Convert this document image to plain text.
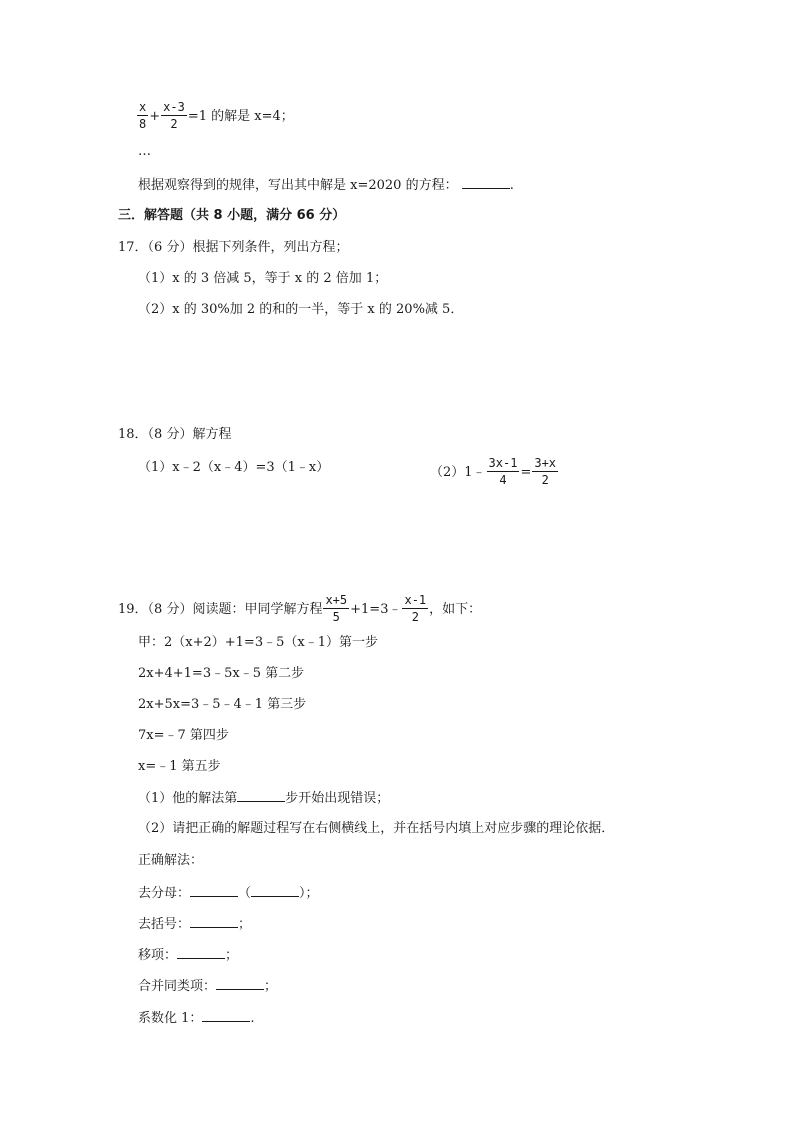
$\frac{x}{8} + \frac{x-3}{2} =1$ 的解是 x=4；
…
根据观察得到的规律，写出其中解是 x=2020 的方程：	.
三．解答题（共 8 小题，满分 66 分）
17．（6 分）根据下列条件，列出方程；
（1）x 的 3 倍减 5，等于 x 的 2 倍加 1；
（2）x 的 30%加 2 的和的一半，等于 x 的 20%减 5．
18．（8 分）解方程
（1）x﹣2（x﹣4）=3（1﹣x）	（2）1﹣ $\frac{3x-1}{4} = \frac{3+x}{2}$
19．（8 分）阅读题：甲同学解方程 $\frac{x+5}{5}$ +1=3﹣ $\frac{x-1}{2}$ ，如下：
甲：2（x+2）+1=3﹣5（x﹣1）第一步
2x+4+1=3﹣5x﹣5 第二步
2x+5x=3﹣5﹣4﹣1 第三步
7x=﹣7 第四步
x=﹣1 第五步
（1）他的解法第	步开始出现错误；
（2）请把正确的解题过程写在右侧横线上，并在括号内填上对应步骤的理论依据．
正确解法：
去分母：	（	）；
去括号：	；
移项：	；
合并同类项：	；
系数化 1：	.
